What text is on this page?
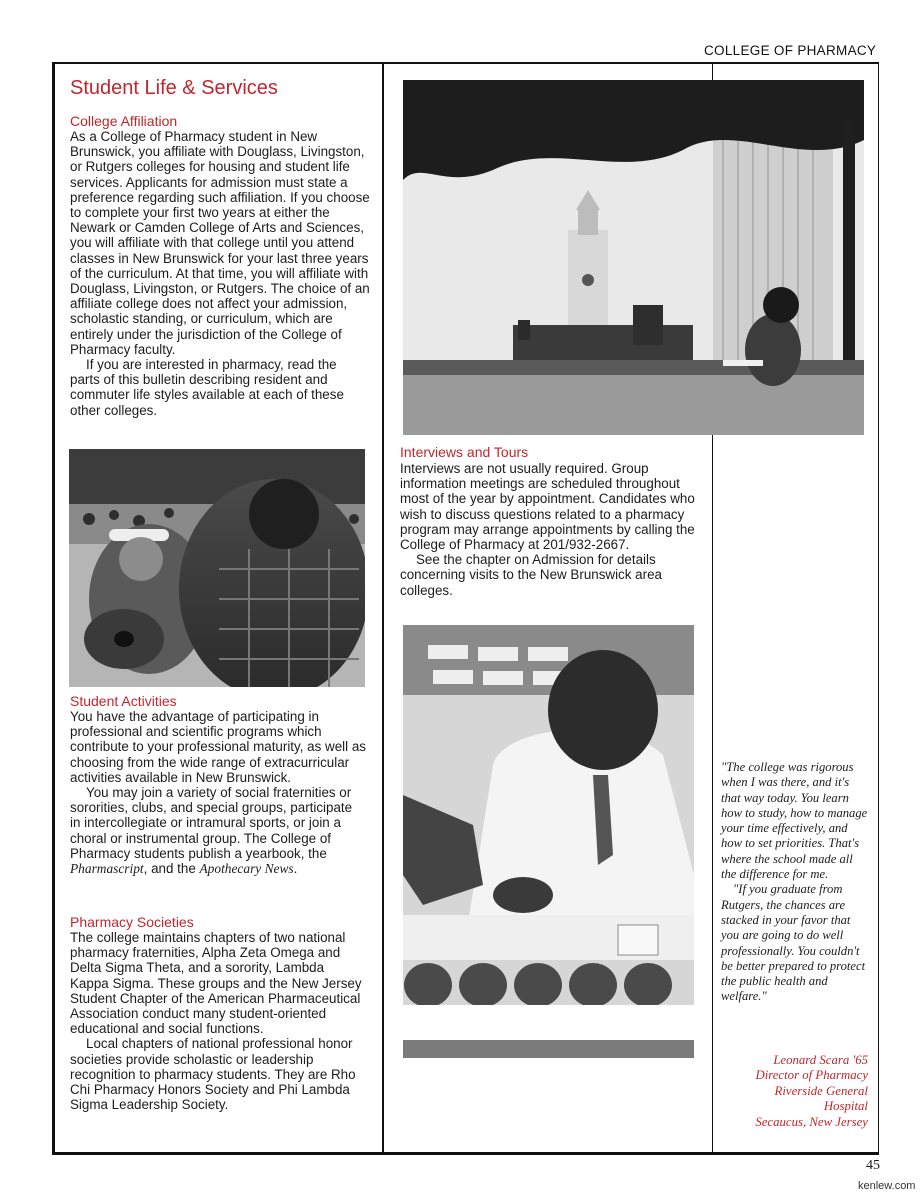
COLLEGE OF PHARMACY
Student Life & Services
College Affiliation

As a College of Pharmacy student in New Brunswick, you affiliate with Douglass, Livingston, or Rutgers colleges for housing and student life services. Applicants for admission must state a preference regarding such affiliation. If you choose to complete your first two years at either the Newark or Camden College of Arts and Sciences, you will affiliate with that college until you attend classes in New Brunswick for your last three years of the curriculum. At that time, you will affiliate with Douglass, Livingston, or Rutgers. The choice of an affiliate college does not affect your admission, scholastic standing, or curriculum, which are entirely under the jurisdiction of the College of Pharmacy faculty.

If you are interested in pharmacy, read the parts of this bulletin describing resident and commuter life styles available at each of these other colleges.

Student Activities

You have the advantage of participating in professional and scientific programs which contribute to your professional maturity, as well as choosing from the wide range of extracurricular activities available in New Brunswick.

You may join a variety of social fraternities or sororities, clubs, and special groups, participate in intercollegiate or intramural sports, or join a choral or instrumental group. The College of Pharmacy students publish a yearbook, the Pharmascript, and the Apothecary News.

Pharmacy Societies

The college maintains chapters of two national pharmacy fraternities, Alpha Zeta Omega and Delta Sigma Theta, and a sorority, Lambda Kappa Sigma. These groups and the New Jersey Student Chapter of the American Pharmaceutical Association conduct many student-oriented educational and social functions.

Local chapters of national professional honor societies provide scholastic or leadership recognition to pharmacy students. They are Rho Chi Pharmacy Honors Society and Phi Lambda Sigma Leadership Society.

Interviews and Tours

Interviews are not usually required. Group information meetings are scheduled throughout most of the year by appointment. Candidates who wish to discuss questions related to a pharmacy program may arrange appointments by calling the College of Pharmacy at 201/932-2667.

See the chapter on Admission for details concerning visits to the New Brunswick area colleges.

"The college was rigorous when I was there, and it's that way today. You learn how to study, how to manage your time effectively, and how to set priorities. That's where the school made all the difference for me.

"If you graduate from Rutgers, the chances are stacked in your favor that you are going to do well professionally. You couldn't be better prepared to protect the public health and welfare."

Leonard Scara '65
Director of Pharmacy
Riverside General
Hospital
Secaucus, New Jersey
45
kenlew.com
